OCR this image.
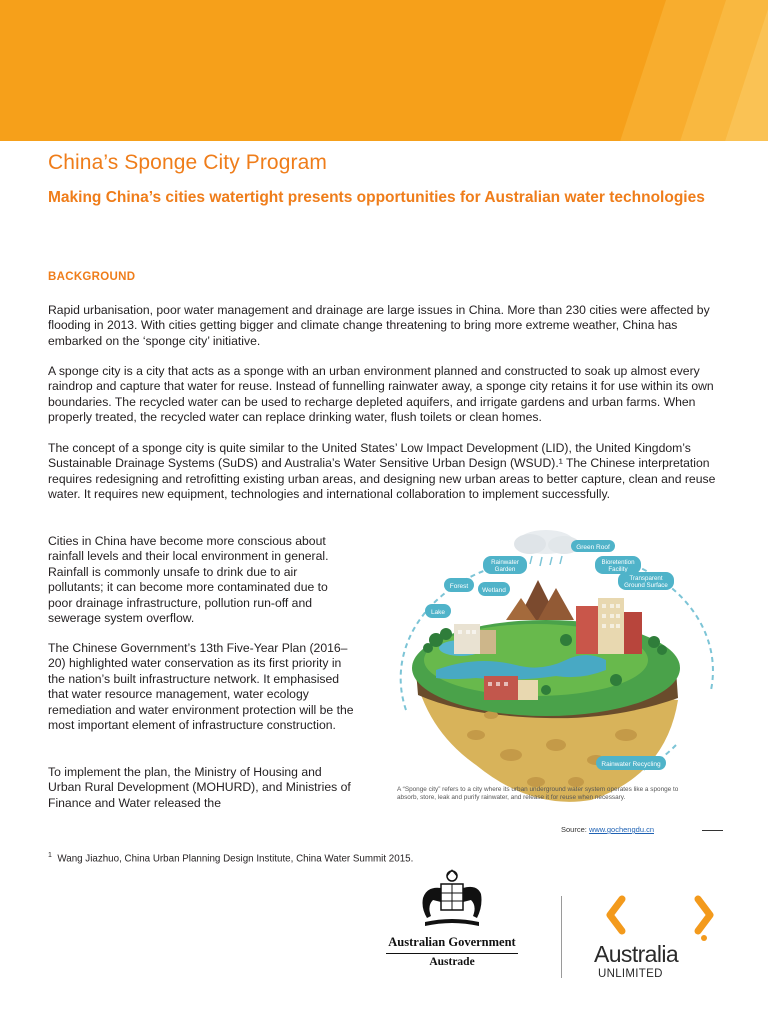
China’s Sponge City Program
Making China’s cities watertight presents opportunities for Australian water technologies
BACKGROUND

Rapid urbanisation, poor water management and drainage are large issues in China. More than 230 cities were affected by flooding in 2013. With cities getting bigger and climate change threatening to bring more extreme weather, China has embarked on the ‘sponge city’ initiative.

A sponge city is a city that acts as a sponge with an urban environment planned and constructed to soak up almost every raindrop and capture that water for reuse. Instead of funnelling rainwater away, a sponge city retains it for use within its own boundaries. The recycled water can be used to recharge depleted aquifers, and irrigate gardens and urban farms. When properly treated, the recycled water can replace drinking water, flush toilets or clean homes.

The concept of a sponge city is quite similar to the United States’ Low Impact Development (LID), the United Kingdom’s Sustainable Drainage Systems (SuDS) and Australia’s Water Sensitive Urban Design (WSUD).¹ The Chinese interpretation requires redesigning and retrofitting existing urban areas, and designing new urban areas to better capture, clean and reuse water. It requires new equipment, technologies and international collaboration to implement successfully.

Cities in China have become more conscious about rainfall levels and their local environment in general. Rainfall is commonly unsafe to drink due to air pollutants; it can become more contaminated due to poor drainage infrastructure, pollution run-off and sewerage system overflow.

The Chinese Government’s 13th Five-Year Plan (2016–20) highlighted water conservation as its first priority in the nation’s built infrastructure network. It emphasised that water resource management, water ecology remediation and water environment protection will be the most important element of infrastructure construction.

To implement the plan, the Ministry of Housing and Urban Rural Development (MOHURD), and Ministries of Finance and Water released the

Green Roof
Rainwater
Garden
Bioretention
Facility
Transparent
Ground Surface
Forest
Wetland
Lake
Rainwater Recycling

A “Sponge city” refers to a city where its urban underground water system operates like a sponge to absorb, store, leak and purify rainwater, and release it for reuse when necessary.

Source: www.gochengdu.cn

$^1$ Wang Jiazhuo, China Urban Planning Design Institute, China Water Summit 2015.

Australian Government
Austrade	Australia
UNLIMITED
